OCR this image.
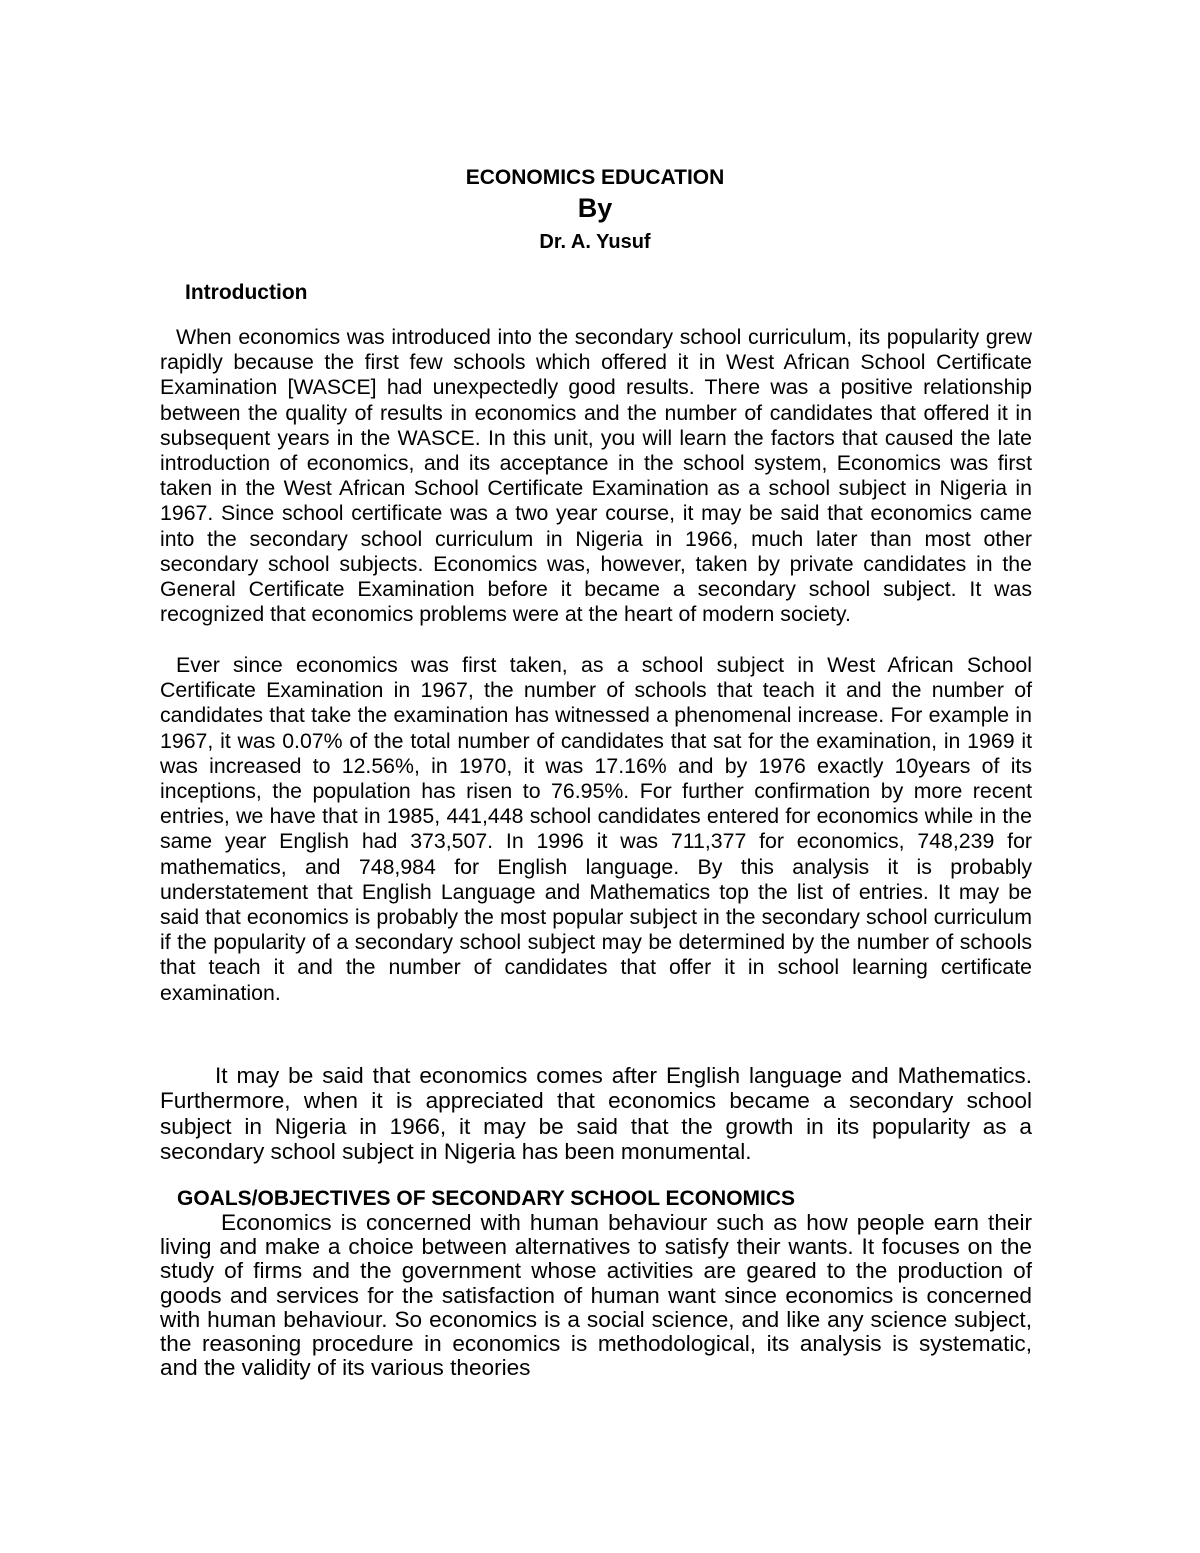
ECONOMICS EDUCATION
By
Dr. A. Yusuf
Introduction

When economics was introduced into the secondary school curriculum, its popularity grew rapidly because the first few schools which offered it in West African School Certificate Examination [WASCE] had unexpectedly good results. There was a positive relationship between the quality of results in economics and the number of candidates that offered it in subsequent years in the WASCE. In this unit, you will learn the factors that caused the late introduction of economics, and its acceptance in the school system, Economics was first taken in the West African School Certificate Examination as a school subject in Nigeria in 1967. Since school certificate was a two year course, it may be said that economics came into the secondary school curriculum in Nigeria in 1966, much later than most other secondary school subjects. Economics was, however, taken by private candidates in the General Certificate Examination before it became a secondary school subject. It was recognized that economics problems were at the heart of modern society.

Ever since economics was first taken, as a school subject in West African School Certificate Examination in 1967, the number of schools that teach it and the number of candidates that take the examination has witnessed a phenomenal increase. For example in 1967, it was 0.07% of the total number of candidates that sat for the examination, in 1969 it was increased to 12.56%, in 1970, it was 17.16% and by 1976 exactly 10years of its inceptions, the population has risen to 76.95%. For further confirmation by more recent entries, we have that in 1985, 441,448 school candidates entered for economics while in the same year English had 373,507. In 1996 it was 711,377 for economics, 748,239 for mathematics, and 748,984 for English language. By this analysis it is probably understatement that English Language and Mathematics top the list of entries. It may be said that economics is probably the most popular subject in the secondary school curriculum if the popularity of a secondary school subject may be determined by the number of schools that teach it and the number of candidates that offer it in school learning certificate examination.

It may be said that economics comes after English language and Mathematics. Furthermore, when it is appreciated that economics became a secondary school subject in Nigeria in 1966, it may be said that the growth in its popularity as a secondary school subject in Nigeria has been monumental.

GOALS/OBJECTIVES OF SECONDARY SCHOOL ECONOMICS

Economics is concerned with human behaviour such as how people earn their living and make a choice between alternatives to satisfy their wants. It focuses on the study of firms and the government whose activities are geared to the production of goods and services for the satisfaction of human want since economics is concerned with human behaviour. So economics is a social science, and like any science subject, the reasoning procedure in economics is methodological, its analysis is systematic, and the validity of its various theories
